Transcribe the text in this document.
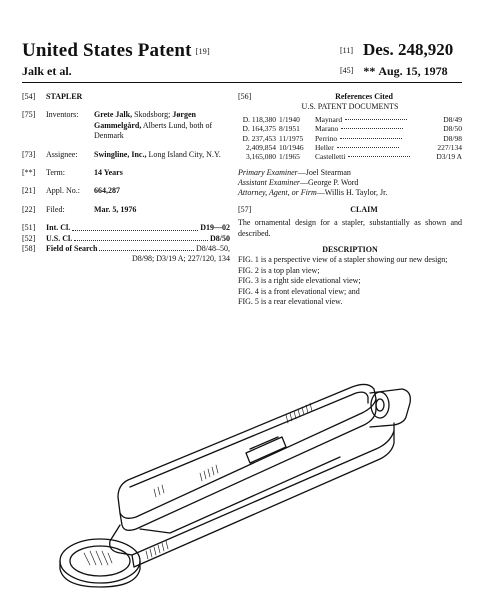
United States Patent [19]
Jalk et al.
[11] Des. 248,920
[45] ** Aug. 15, 1978
[54]	STAPLER
[75]	Inventors:	Grete Jalk, Skodsborg; Jørgen Gammelgård, Alberts Lund, both of Denmark
[73]	Assignee:	Swingline, Inc., Long Island City, N.Y.
[**]	Term:	14 Years
[21]	Appl. No.:	664,287
[22]	Filed:	Mar. 5, 1976
[51]	Int. Cl.	D19—02
[52]	U.S. Cl.	D8/50
[58]	Field of Search	D8/48–50,
D8/98; D3/19 A; 227/120, 134
[56]	References Cited
U.S. PATENT DOCUMENTS
D. 118,380	1/1940	Maynard	D8/49
D. 164,375	8/1951	Marano	D8/50
D. 237,453	11/1975	Perrino	D8/98
2,409,854	10/1946	Heller	227/134
3,165,080	1/1965	Castelletti	D3/19 A
Primary Examiner—Joel Stearman
Assistant Examiner—George P. Word
Attorney, Agent, or Firm—Willis H. Taylor, Jr.
[57]	CLAIM
The ornamental design for a stapler, substantially as shown and described.
DESCRIPTION
FIG. 1 is a perspective view of a stapler showing our new design;
FIG. 2 is a top plan view;
FIG. 3 is a right side elevational view;
FIG. 4 is a front elevational view; and
FIG. 5 is a rear elevational view.
